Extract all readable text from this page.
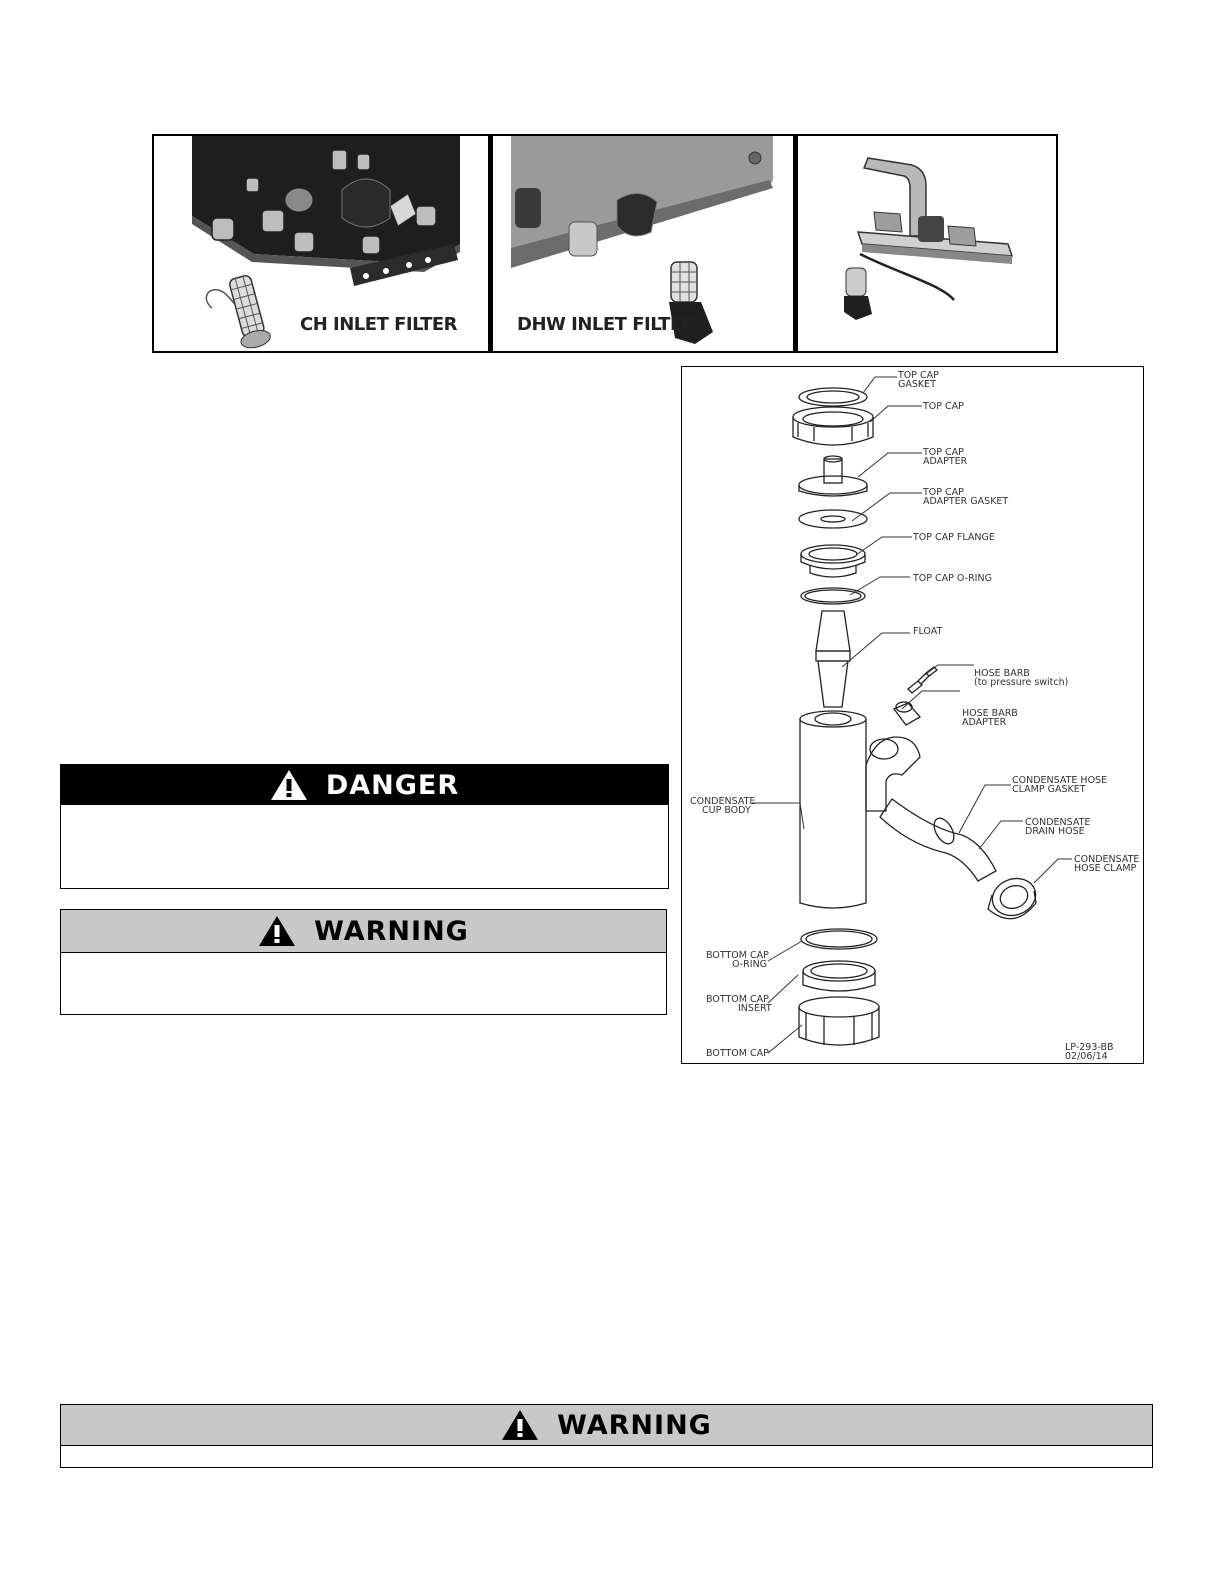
CH INLET FILTER	DHW INLET FILTER
TOP CAP
GASKET
TOP CAP
TOP CAP
ADAPTER
TOP CAP
ADAPTER GASKET
TOP CAP FLANGE
TOP CAP O-RING
FLOAT
HOSE BARB
(to pressure switch)
HOSE BARB
ADAPTER
CONDENSATE
CUP BODY
CONDENSATE HOSE
CLAMP GASKET
CONDENSATE
DRAIN HOSE
CONDENSATE
HOSE CLAMP
BOTTOM CAP
O-RING
BOTTOM CAP
INSERT
BOTTOM CAP
LP-293-BB
02/06/14
DANGER
WARNING
WARNING
